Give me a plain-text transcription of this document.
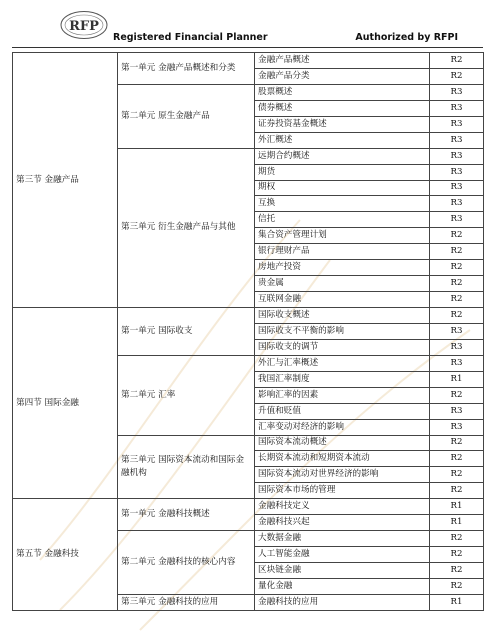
RFP
Registered Financial Planner	Authorized by RFPI
第三节 金融产品	第一单元 金融产品概述和分类	金融产品概述	R2
		金融产品分类	R2
	第二单元 原生金融产品	股票概述	R3
		债券概述	R3
		证券投资基金概述	R3
		外汇概述	R3
	第三单元 衍生金融产品与其他	远期合约概述	R3
		期货	R3
		期权	R3
		互换	R3
		信托	R3
		集合资产管理计划	R2
		银行理财产品	R2
		房地产投资	R2
		贵金属	R2
		互联网金融	R2
第四节 国际金融	第一单元 国际收支	国际收支概述	R2
		国际收支不平衡的影响	R3
		国际收支的调节	R3
	第二单元 汇率	外汇与汇率概述	R3
		我国汇率制度	R1
		影响汇率的因素	R2
		升值和贬值	R3
		汇率变动对经济的影响	R3
	第三单元 国际资本流动和国际金融机构	国际资本流动概述	R2
		长期资本流动和短期资本流动	R2
		国际资本流动对世界经济的影响	R2
		国际资本市场的管理	R2
第五节 金融科技	第一单元 金融科技概述	金融科技定义	R1
		金融科技兴起	R1
	第二单元 金融科技的核心内容	大数据金融	R2
		人工智能金融	R2
		区块链金融	R2
		量化金融	R2
	第三单元 金融科技的应用	金融科技的应用	R1
